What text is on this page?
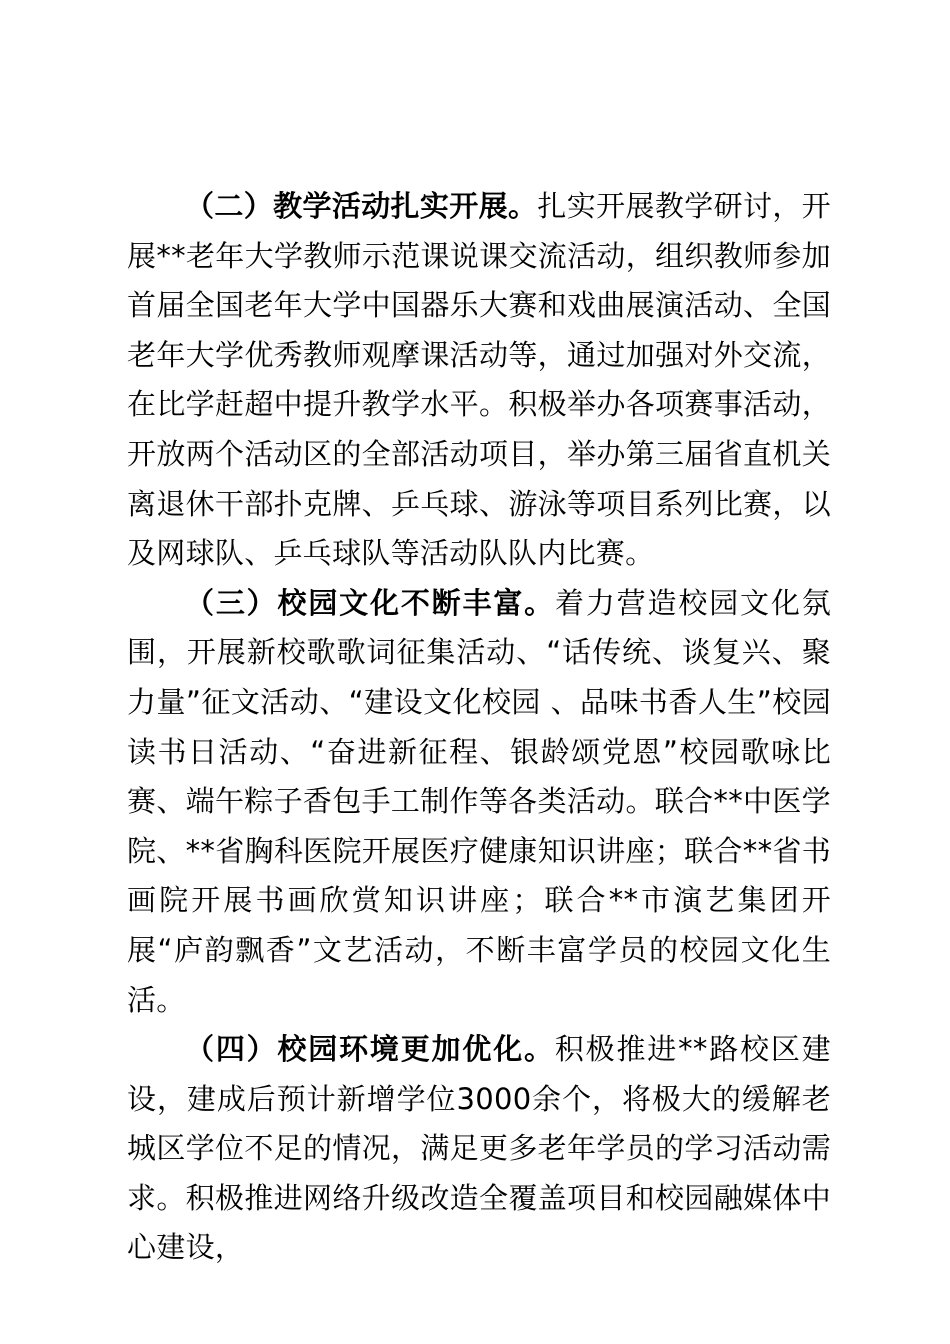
（二）教学活动扎实开展。扎实开展教学研讨，开展**老年大学教师示范课说课交流活动，组织教师参加首届全国老年大学中国器乐大赛和戏曲展演活动、全国老年大学优秀教师观摩课活动等，通过加强对外交流，在比学赶超中提升教学水平。积极举办各项赛事活动，开放两个活动区的全部活动项目，举办第三届省直机关离退休干部扑克牌、乒乓球、游泳等项目系列比赛，以及网球队、乒乓球队等活动队队内比赛。

（三）校园文化不断丰富。着力营造校园文化氛围，开展新校歌歌词征集活动、“话传统、谈复兴、聚力量”征文活动、“建设文化校园 、品味书香人生”校园读书日活动、“奋进新征程、银龄颂党恩”校园歌咏比赛、端午粽子香包手工制作等各类活动。联合**中医学院、**省胸科医院开展医疗健康知识讲座；联合**省书画院开展书画欣赏知识讲座；联合**市演艺集团开展“庐韵飘香”文艺活动，不断丰富学员的校园文化生活。

（四）校园环境更加优化。积极推进**路校区建设，建成后预计新增学位3000余个，将极大的缓解老城区学位不足的情况，满足更多老年学员的学习活动需求。积极推进网络升级改造全覆盖项目和校园融媒体中心建设，
